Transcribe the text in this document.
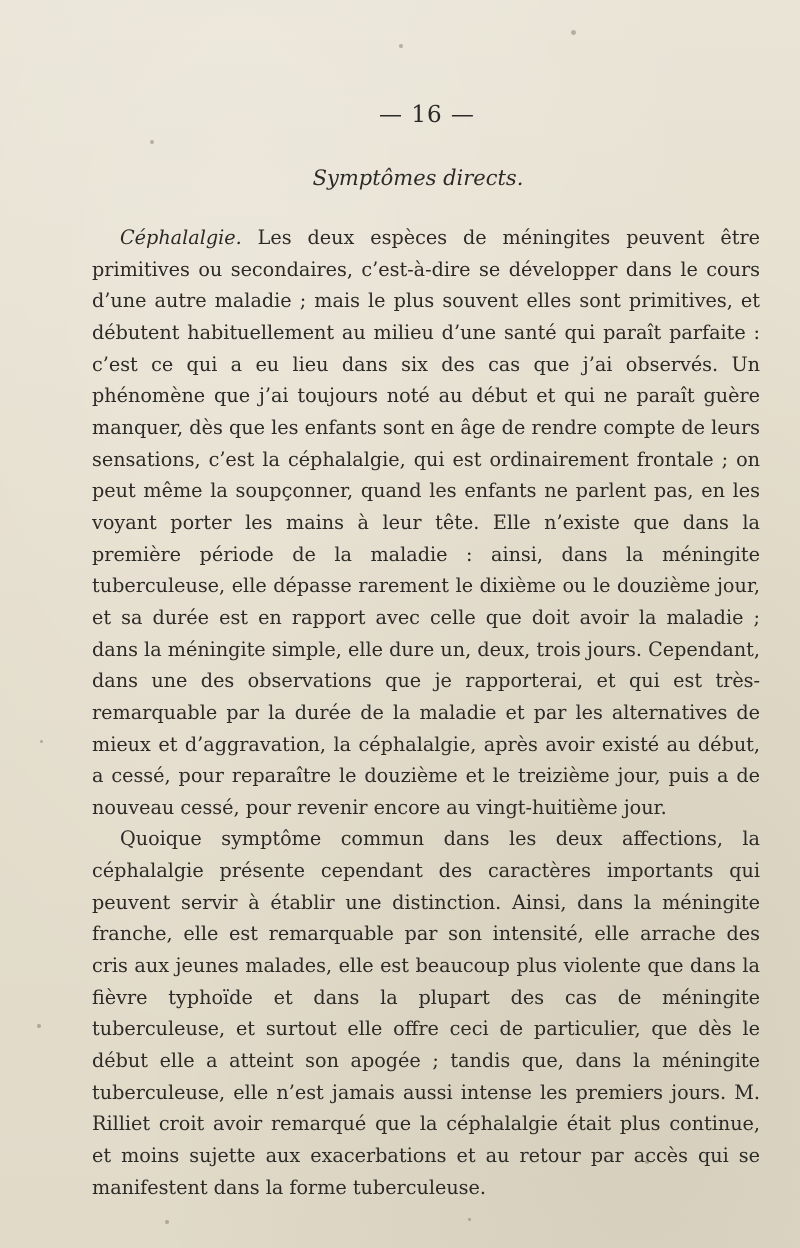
— 16 —
Symptômes directs.

Céphalalgie. Les deux espèces de méningites peuvent être primitives ou secondaires, c’est-à-dire se développer dans le cours d’une autre maladie ; mais le plus souvent elles sont primitives, et débutent habituellement au milieu d’une santé qui paraît parfaite : c’est ce qui a eu lieu dans six des cas que j’ai observés. Un phénomène que j’ai toujours noté au début et qui ne paraît guère manquer, dès que les enfants sont en âge de rendre compte de leurs sensations, c’est la céphalalgie, qui est ordinairement frontale ; on peut même la soupçonner, quand les enfants ne parlent pas, en les voyant porter les mains à leur tête. Elle n’existe que dans la première période de la maladie : ainsi, dans la méningite tuberculeuse, elle dépasse rarement le dixième ou le douzième jour, et sa durée est en rapport avec celle que doit avoir la maladie ; dans la méningite simple, elle dure un, deux, trois jours. Cependant, dans une des observations que je rapporterai, et qui est très-remarquable par la durée de la maladie et par les alternatives de mieux et d’aggravation, la céphalalgie, après avoir existé au début, a cessé, pour reparaître le douzième et le treizième jour, puis a de nouveau cessé, pour revenir encore au vingt-huitième jour.

Quoique symptôme commun dans les deux affections, la céphalalgie présente cependant des caractères importants qui peuvent servir à établir une distinction. Ainsi, dans la méningite franche, elle est remarquable par son intensité, elle arrache des cris aux jeunes malades, elle est beaucoup plus violente que dans la fièvre typhoïde et dans la plupart des cas de méningite tuberculeuse, et surtout elle offre ceci de particulier, que dès le début elle a atteint son apogée ; tandis que, dans la méningite tuberculeuse, elle n’est jamais aussi intense les premiers jours. M. Rilliet croit avoir remarqué que la céphalalgie était plus continue, et moins sujette aux exacerbations et au retour par accès qui se manifestent dans la forme tuberculeuse.
